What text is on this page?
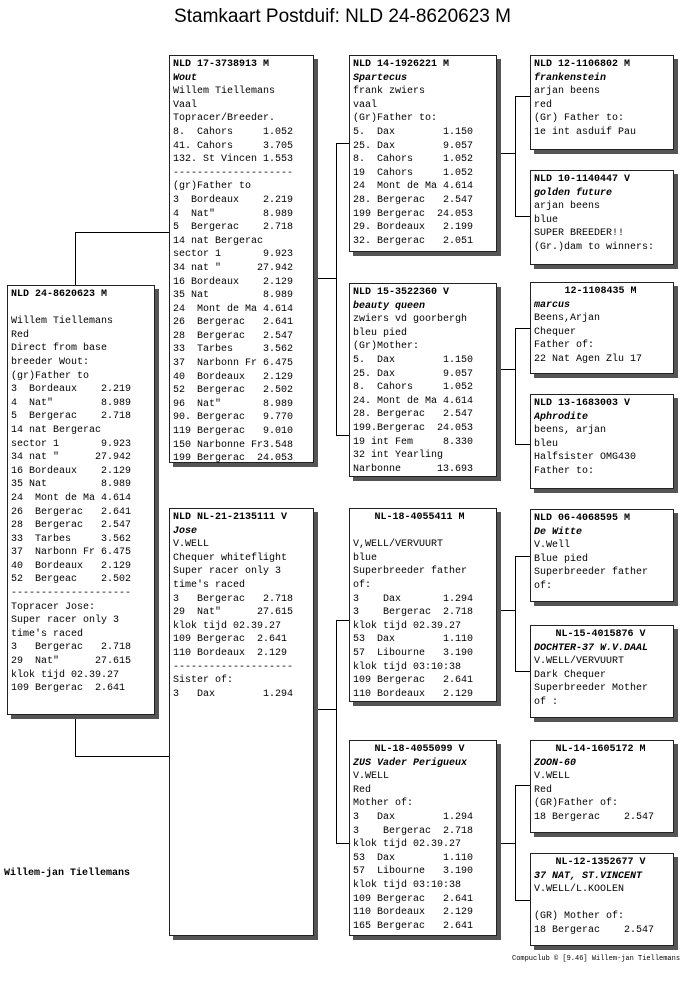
Stamkaart Postduif: NLD 24-8620623 M
NLD 24-8620623 M
Willem Tiellemans
Red
Direct from base
breeder Wout:
(gr)Father to
3  Bordeaux    2.219
4  Nat"        8.989
5  Bergerac    2.718
14 nat Bergerac
sector 1       9.923
34 nat "      27.942
16 Bordeaux    2.129
35 Nat         8.989
24  Mont de Ma 4.614
26  Bergerac   2.641
28  Bergerac   2.547
33  Tarbes     3.562
37  Narbonn Fr 6.475
40  Bordeaux   2.129
52  Bergeac    2.502
--------------------
Topracer Jose:
Super racer only 3
time's raced
3   Bergerac   2.718
29  Nat"      27.615
klok tijd 02.39.27
109 Bergerac  2.641
NLD 17-3738913 M
Wout
Willem Tiellemans
Vaal
Topracer/Breeder.
8.  Cahors     1.052
41. Cahors     3.705
132. St Vincen 1.553
--------------------
(gr)Father to
3  Bordeaux    2.219
4  Nat"        8.989
5  Bergerac    2.718
14 nat Bergerac
sector 1       9.923
34 nat "      27.942
16 Bordeaux    2.129
35 Nat         8.989
24  Mont de Ma 4.614
26  Bergerac   2.641
28  Bergerac   2.547
33  Tarbes     3.562
37  Narbonn Fr 6.475
40  Bordeaux   2.129
52  Bergerac   2.502
96  Nat"       8.989
90. Bergerac   9.770
119 Bergerac   9.010
150 Narbonne Fr3.548
199 Bergerac  24.053
NLD NL-21-2135111 V
Jose
V.WELL
Chequer whiteflight
Super racer only 3
time's raced
3   Bergerac   2.718
29  Nat"      27.615
klok tijd 02.39.27
109 Bergerac  2.641
110 Bordeaux  2.129
--------------------
Sister of:
3   Dax        1.294
NLD 14-1926221 M
Spartecus
frank zwiers
vaal
(Gr)Father to:
5.  Dax        1.150
25. Dax        9.057
8.  Cahors     1.052
19  Cahors     1.052
24  Mont de Ma 4.614
28. Bergerac   2.547
199 Bergerac  24.053
29. Bordeaux   2.199
32. Bergerac   2.051
NLD 15-3522360 V
beauty queen
zwiers vd goorbergh
bleu pied
(Gr)Mother:
5.  Dax        1.150
25. Dax        9.057
8.  Cahors     1.052
24. Mont de Ma 4.614
28. Bergerac   2.547
199.Bergerac  24.053
19 int Fem     8.330
32 int Yearling
Narbonne      13.693
NL-18-4055411 M
V,WELL/VERVUURT
blue
Superbreeder father
of:
3    Dax       1.294
3    Bergerac  2.718
klok tijd 02.39.27
53  Dax        1.110
57  Libourne   3.190
klok tijd 03:10:38
109 Bergerac   2.641
110 Bordeaux   2.129
NL-18-4055099 V
ZUS Vader Perigueux
V.WELL
Red
Mother of:
3   Dax        1.294
3    Bergerac  2.718
klok tijd 02.39.27
53  Dax        1.110
57  Libourne   3.190
klok tijd 03:10:38
109 Bergerac   2.641
110 Bordeaux   2.129
165 Bergerac   2.641
NLD 12-1106802 M
frankenstein
arjan beens
red
(Gr) Father to:
1e int asduif Pau
NLD 10-1140447 V
golden future
arjan beens
blue
SUPER BREEDER!!
(Gr.)dam to winners:
12-1108435 M
marcus
Beens,Arjan
Chequer
Father of:
22 Nat Agen Zlu 17
NLD 13-1683003 V
Aphrodite
beens, arjan
bleu
Halfsister OMG430
Father to:
NLD 06-4068595 M
De Witte
V.Well
Blue pied
Superbreeder father
of:
NL-15-4015876 V
DOCHTER-37 W.V.DAAL
V.WELL/VERVUURT
Dark Chequer
Superbreeder Mother
of :
NL-14-1605172 M
ZOON-60
V.WELL
Red
(GR)Father of:
18 Bergerac    2.547
NL-12-1352677 V
37 NAT, ST.VINCENT
V.WELL/L.KOOLEN
(GR) Mother of:
18 Bergerac    2.547
Willem-jan Tiellemans
Compuclub © [9.46] Willem-jan Tiellemans
